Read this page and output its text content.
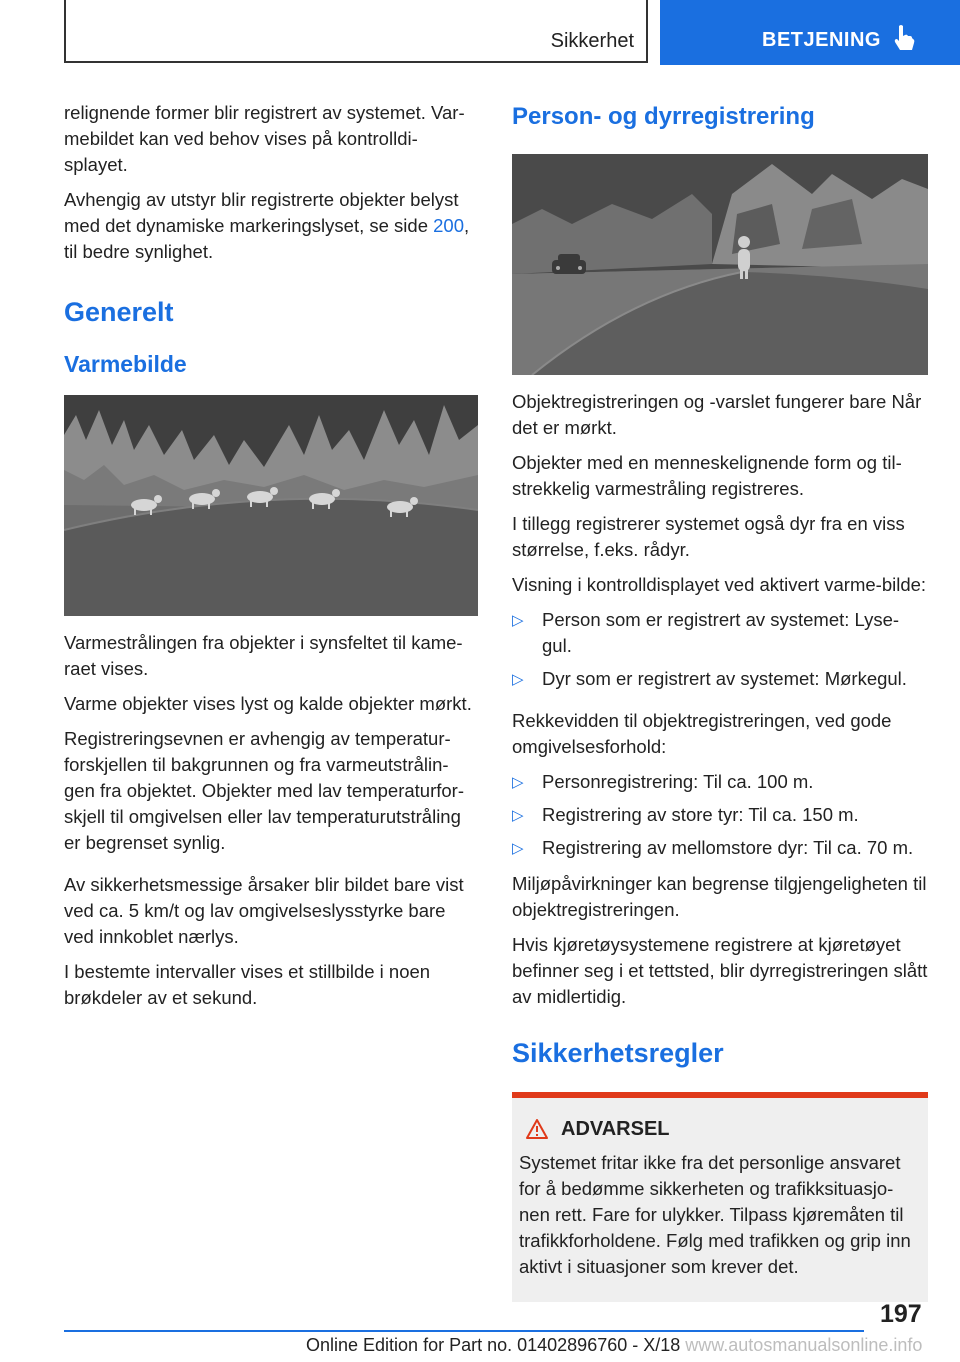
Sikkerhet	BETJENING

relignende former blir registrert av systemet. Var-mebildet kan ved behov vises på kontrolldi-splayet.

Avhengig av utstyr blir registrerte objekter belyst med det dynamiske markeringslyset, se side 200, til bedre synlighet.

Generelt
Varmebilde

Varmestrålingen fra objekter i synsfeltet til kame-raet vises.

Varme objekter vises lyst og kalde objekter mørkt.

Registreringsevnen er avhengig av temperatur-forskjellen til bakgrunnen og fra varmeutstrålin-gen fra objektet. Objekter med lav temperaturfor-skjell til omgivelsen eller lav temperaturutstråling er begrenset synlig.

Av sikkerhetsmessige årsaker blir bildet bare vist ved ca. 5 km/t og lav omgivelseslysstyrke bare ved innkoblet nærlys.

I bestemte intervaller vises et stillbilde i noen brøkdeler av et sekund.

Person- og dyrregistrering

Objektregistreringen og -varslet fungerer bare Når det er mørkt.

Objekter med en menneskelignende form og til-strekkelig varmestråling registreres.

I tillegg registrerer systemet også dyr fra en viss størrelse, f.eks. rådyr.

Visning i kontrolldisplayet ved aktivert varme-bilde:

▷ Person som er registrert av systemet: Lyse-gul.
▷ Dyr som er registrert av systemet: Mørkegul.

Rekkevidden til objektregistreringen, ved gode omgivelsesforhold:

▷ Personregistrering: Til ca. 100 m.
▷ Registrering av store tyr: Til ca. 150 m.
▷ Registrering av mellomstore dyr: Til ca. 70 m.

Miljøpåvirkninger kan begrense tilgjengeligheten til objektregistreringen.

Hvis kjøretøysystemene registrere at kjøretøyet befinner seg i et tettsted, blir dyrregistreringen slått av midlertidig.

Sikkerhetsregler
ADVARSEL
Systemet fritar ikke fra det personlige ansvaret for å bedømme sikkerheten og trafikksituasjo-nen rett. Fare for ulykker. Tilpass kjøremåten til trafikkforholdene. Følg med trafikken og grip inn aktivt i situasjoner som krever det.
197
Online Edition for Part no. 01402896760 - X/18 www.autosmanualsonline.info
